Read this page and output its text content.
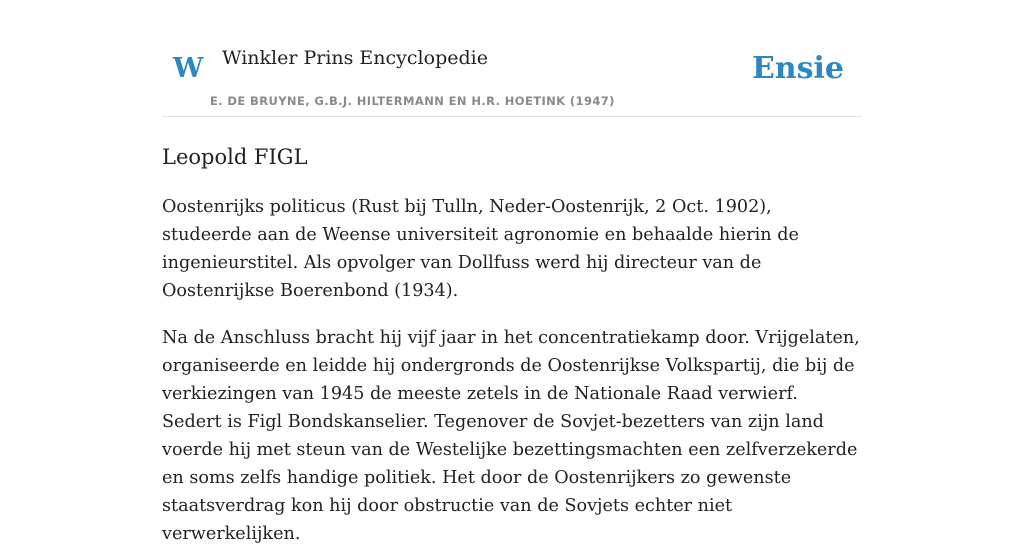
W Winkler Prins Encyclopedie
E. DE BRUYNE, G.B.J. HILTERMANN EN H.R. HOETINK (1947)
Ensie
Leopold FIGL

Oostenrijks politicus (Rust bij Tulln, Neder-Oostenrijk, 2 Oct. 1902), studeerde aan de Weense universiteit agronomie en behaalde hierin de ingenieurstitel. Als opvolger van Dollfuss werd hij directeur van de Oostenrijkse Boerenbond (1934).

Na de Anschluss bracht hij vijf jaar in het concentratiekamp door. Vrijgelaten, organiseerde en leidde hij ondergronds de Oostenrijkse Volkspartij, die bij de verkiezingen van 1945 de meeste zetels in de Nationale Raad verwierf. Sedert is Figl Bondskanselier. Tegenover de Sovjet-bezetters van zijn land voerde hij met steun van de Westelijke bezettingsmachten een zelfverzekerde en soms zelfs handige politiek. Het door de Oostenrijkers zo gewenste staatsverdrag kon hij door obstructie van de Sovjets echter niet verwerkelijken.
